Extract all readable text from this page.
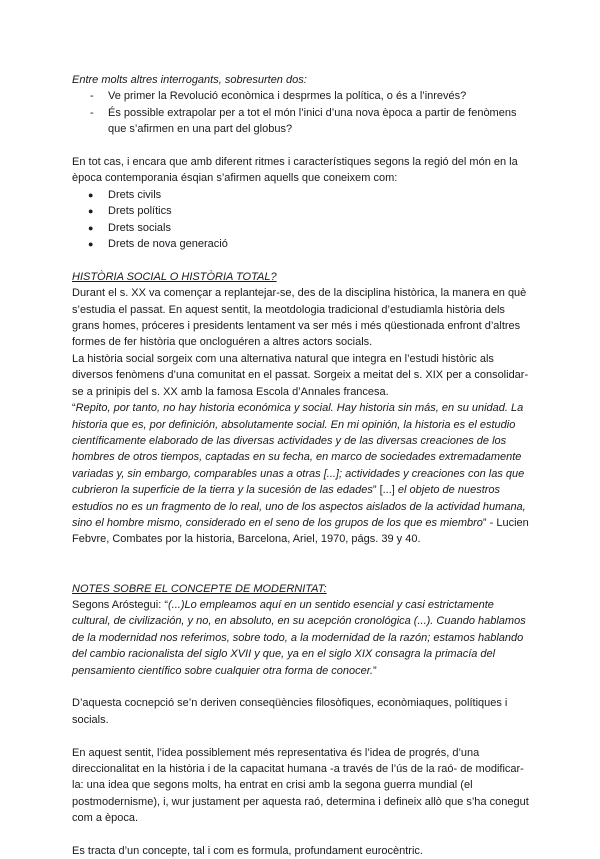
Entre molts altres interrogants, sobresurten dos:

- Ve primer la Revolució econòmica i desprmes la política, o és a l’inrevés?
- És possible extrapolar per a tot el món l’inici d’una nova època a partir de fenòmens que s’afirmen en una part del globus?

En tot cas, i encara que amb diferent ritmes i característiques segons la regió del món en la època contemporania ésqian s’afirmen aquells que coneixem com:

● Drets civils
● Drets polítics
● Drets socials
● Drets de nova generació

HISTÒRIA SOCIAL O HISTÒRIA TOTAL?

Durant el s. XX va començar a replantejar-se, des de la disciplina històrica, la manera en què s’estudia el passat. En aquest sentit, la meotdologia tradicional d’estudiamla història dels grans homes, próceres i presidents lentament va ser més i més qüestionada enfront d’altres formes de fer història que oncloguéren a altres actors socials.

La història social sorgeix com una alternativa natural que integra en l’estudi històric als diversos fenòmens d’una comunitat en el passat. Sorgeix a meitat del s. XIX per a consolidar-se a prinipis del s. XX amb la famosa Escola d’Annales francesa.

“Repito, por tanto, no hay historia económica y social. Hay historia sin más, en su unidad. La historia que es, por definición, absolutamente social. En mi opinión, la historia es el estudio científicamente elaborado de las diversas actividades y de las diversas creaciones de los hombres de otros tiempos, captadas en su fecha, en marco de sociedades extremadamente variadas y, sin embargo, comparables unas a otras [...]; actividades y creaciones con las que cubrieron la superficie de la tierra y la sucesión de las edades” [...] el objeto de nuestros estudios no es un fragmento de lo real, uno de los aspectos aislados de la actividad humana, sino el hombre mismo, considerado en el seno de los grupos de los que es miembro” - Lucien Febvre, Combates por la historia, Barcelona, Ariel, 1970, págs. 39 y 40.

NOTES SOBRE EL CONCEPTE DE MODERNITAT:

Segons Aróstegui: “(...)Lo empleamos aquí en un sentido esencial y casi estrictamente cultural, de civilización, y no, en absoluto, en su acepción cronológica (...). Cuando hablamos de la modernidad nos referimos, sobre todo, a la modernidad de la razón; estamos hablando del cambio racionalista del siglo XVII y que, ya en el siglo XIX consagra la primacía del pensamiento científico sobre cualquier otra forma de conocer.”

D’aquesta cocnepció se’n deriven conseqüències filosòfiques, econòmiaques, polítiques i socials.

En aquest sentit, l’idea possiblement més representativa és l’idea de progrés, d’una direccionalitat en la història i de la capacitat humana -a través de l’ús de la raó- de modificar-la: una idea que segons molts, ha entrat en crisi amb la segona guerra mundial (el postmodernisme), i, wur justament per aquesta raó, determina i defineix allò que s’ha conegut com a època.

Es tracta d’un concepte, tal i com es formula, profundament eurocèntric.
